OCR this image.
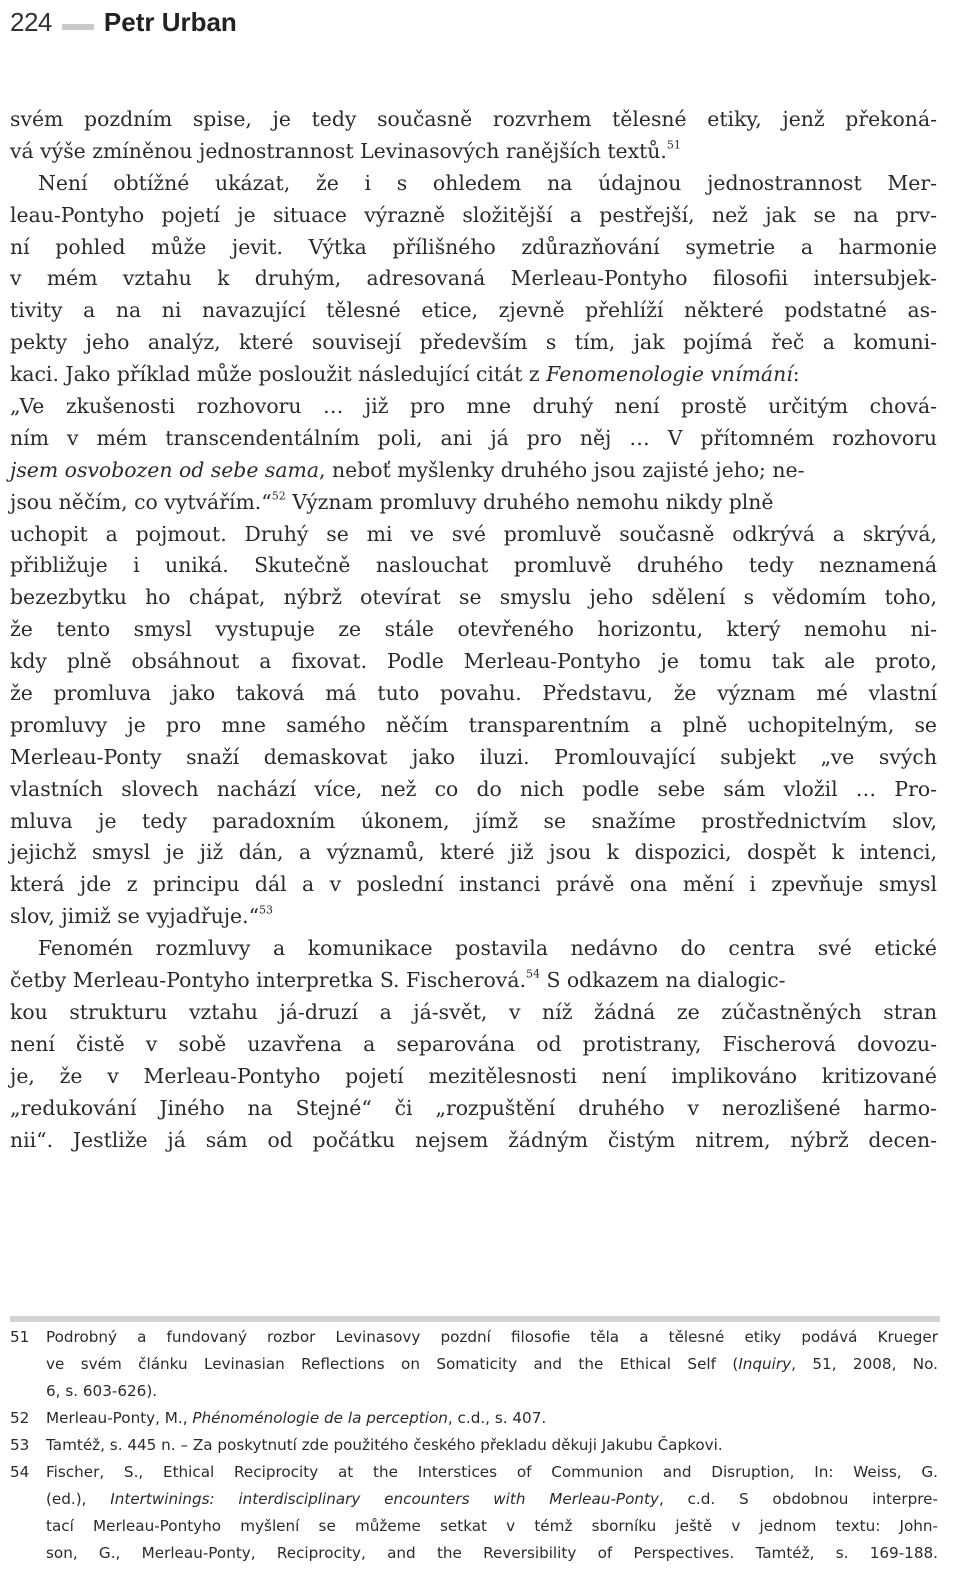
224 Petr Urban
svém pozdním spise, je tedy současně rozvrhem tělesné etiky, jenž překoná-
vá výše zmíněnou jednostrannost Levinasových ranějších textů.$^{51}$
Není obtížné ukázat, že i s ohledem na údajnou jednostrannost Mer-
leau-Pontyho pojetí je situace výrazně složitější a pestřejší, než jak se na prv-
ní pohled může jevit. Výtka přílišného zdůrazňování symetrie a harmonie
v mém vztahu k druhým, adresovaná Merleau-Pontyho filosofii intersubjek-
tivity a na ni navazující tělesné etice, zjevně přehlíží některé podstatné as-
pekty jeho analýz, které souvisejí především s tím, jak pojímá řeč a komuni-
kaci. Jako příklad může posloužit následující citát z Fenomenologie vnímání:
„Ve zkušenosti rozhovoru … již pro mne druhý není prostě určitým chová-
ním v mém transcendentálním poli, ani já pro něj … V přítomném rozhovoru
jsem osvobozen od sebe sama, neboť myšlenky druhého jsou zajisté jeho; ne-
jsou něčím, co vytvářím.“$^{52}$ Význam promluvy druhého nemohu nikdy plně
uchopit a pojmout. Druhý se mi ve své promluvě současně odkrývá a skrývá,
přibližuje i uniká. Skutečně naslouchat promluvě druhého tedy neznamená
bezezbytku ho chápat, nýbrž otevírat se smyslu jeho sdělení s vědomím toho,
že tento smysl vystupuje ze stále otevřeného horizontu, který nemohu ni-
kdy plně obsáhnout a fixovat. Podle Merleau-Pontyho je tomu tak ale proto,
že promluva jako taková má tuto povahu. Představu, že význam mé vlastní
promluvy je pro mne samého něčím transparentním a plně uchopitelným, se
Merleau-Ponty snaží demaskovat jako iluzi. Promlouvající subjekt „ve svých
vlastních slovech nachází více, než co do nich podle sebe sám vložil … Pro-
mluva je tedy paradoxním úkonem, jímž se snažíme prostřednictvím slov,
jejichž smysl je již dán, a významů, které již jsou k dispozici, dospět k intenci,
která jde z principu dál a v poslední instanci právě ona mění i zpevňuje smysl
slov, jimiž se vyjadřuje.“$^{53}$
Fenomén rozmluvy a komunikace postavila nedávno do centra své etické
četby Merleau-Pontyho interpretka S. Fischerová.$^{54}$ S odkazem na dialogic-
kou strukturu vztahu já-druzí a já-svět, v níž žádná ze zúčastněných stran
není čistě v sobě uzavřena a separována od protistrany, Fischerová dovozu-
je, že v Merleau-Pontyho pojetí mezitělesnosti není implikováno kritizované
„redukování Jiného na Stejné“ či „rozpuštění druhého v nerozlišené harmo-
nii“. Jestliže já sám od počátku nejsem žádným čistým nitrem, nýbrž decen-
51 Podrobný a fundovaný rozbor Levinasovy pozdní filosofie těla a tělesné etiky podává Krueger
ve svém článku Levinasian Reflections on Somaticity and the Ethical Self (Inquiry, 51, 2008, No.
6, s. 603-626).
52 Merleau-Ponty, M., Phénoménologie de la perception, c.d., s. 407.
53 Tamtéž, s. 445 n. – Za poskytnutí zde použitého českého překladu děkuji Jakubu Čapkovi.
54 Fischer, S., Ethical Reciprocity at the Interstices of Communion and Disruption, In: Weiss, G.
(ed.), Intertwinings: interdisciplinary encounters with Merleau-Ponty, c.d. S obdobnou interpre-
tací Merleau-Pontyho myšlení se můžeme setkat v témž sborníku ještě v jednom textu: John-
son, G., Merleau-Ponty, Reciprocity, and the Reversibility of Perspectives. Tamtéž, s. 169-188.
